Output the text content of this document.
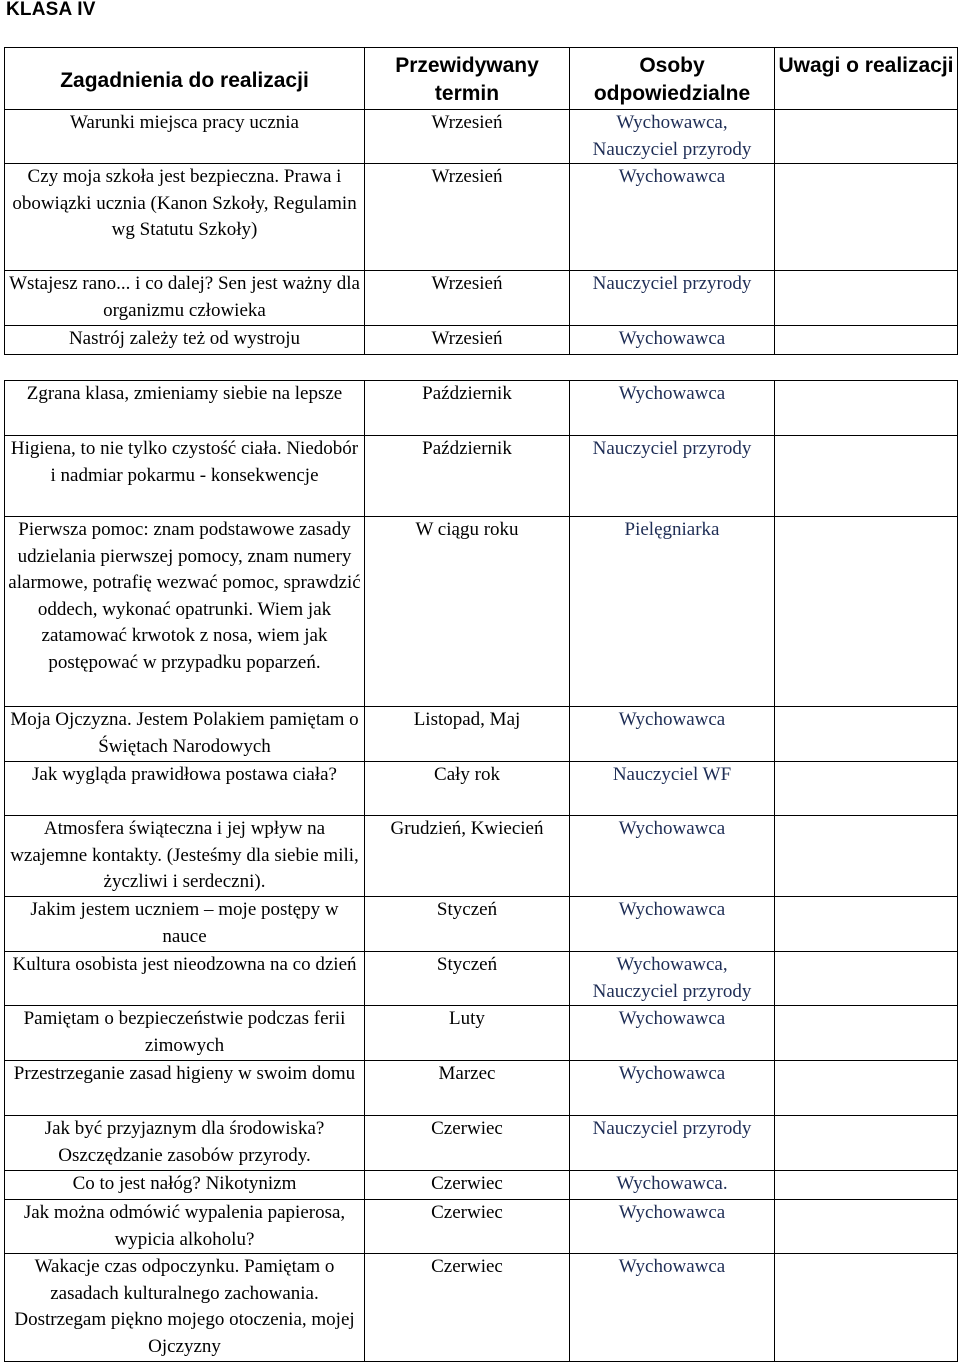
KLASA IV
Zagadnienia do realizacji	Przewidywany termin	Osoby odpowiedzialne	Uwagi o realizacji
Warunki miejsca pracy ucznia	Wrzesień	Wychowawca, Nauczyciel przyrody	
Czy moja szkoła jest bezpieczna. Prawa i obowiązki ucznia (Kanon Szkoły, Regulamin wg Statutu Szkoły)	Wrzesień	Wychowawca	
Wstajesz rano... i co dalej? Sen jest ważny dla organizmu człowieka	Wrzesień	Nauczyciel przyrody	
Nastrój zależy też od wystroju	Wrzesień	Wychowawca	

Zgrana klasa, zmieniamy siebie na lepsze	Październik	Wychowawca	
Higiena, to nie tylko czystość ciała. Niedobór i nadmiar pokarmu - konsekwencje	Październik	Nauczyciel przyrody	
Pierwsza pomoc: znam podstawowe zasady udzielania pierwszej pomocy, znam numery alarmowe, potrafię wezwać pomoc, sprawdzić oddech, wykonać opatrunki. Wiem jak zatamować krwotok z nosa, wiem jak postępować w przypadku poparzeń.	W ciągu roku	Pielęgniarka	
Moja Ojczyzna. Jestem Polakiem pamiętam o Świętach Narodowych	Listopad, Maj	Wychowawca	
Jak wygląda prawidłowa postawa ciała?	Cały rok	Nauczyciel WF	
Atmosfera świąteczna i jej wpływ na wzajemne kontakty. (Jesteśmy dla siebie mili, życzliwi i serdeczni).	Grudzień, Kwiecień	Wychowawca	
Jakim jestem uczniem – moje postępy w nauce	Styczeń	Wychowawca	
Kultura osobista jest nieodzowna na co dzień	Styczeń	Wychowawca, Nauczyciel przyrody	
Pamiętam o bezpieczeństwie podczas ferii zimowych	Luty	Wychowawca	
Przestrzeganie zasad higieny w swoim domu	Marzec	Wychowawca	
Jak być przyjaznym dla środowiska? Oszczędzanie zasobów przyrody.	Czerwiec	Nauczyciel przyrody	
Co to jest nałóg? Nikotynizm	Czerwiec	Wychowawca.	
Jak można odmówić wypalenia papierosa, wypicia alkoholu?	Czerwiec	Wychowawca	
Wakacje czas odpoczynku. Pamiętam o zasadach kulturalnego zachowania. Dostrzegam piękno mojego otoczenia, mojej Ojczyzny	Czerwiec	Wychowawca	
